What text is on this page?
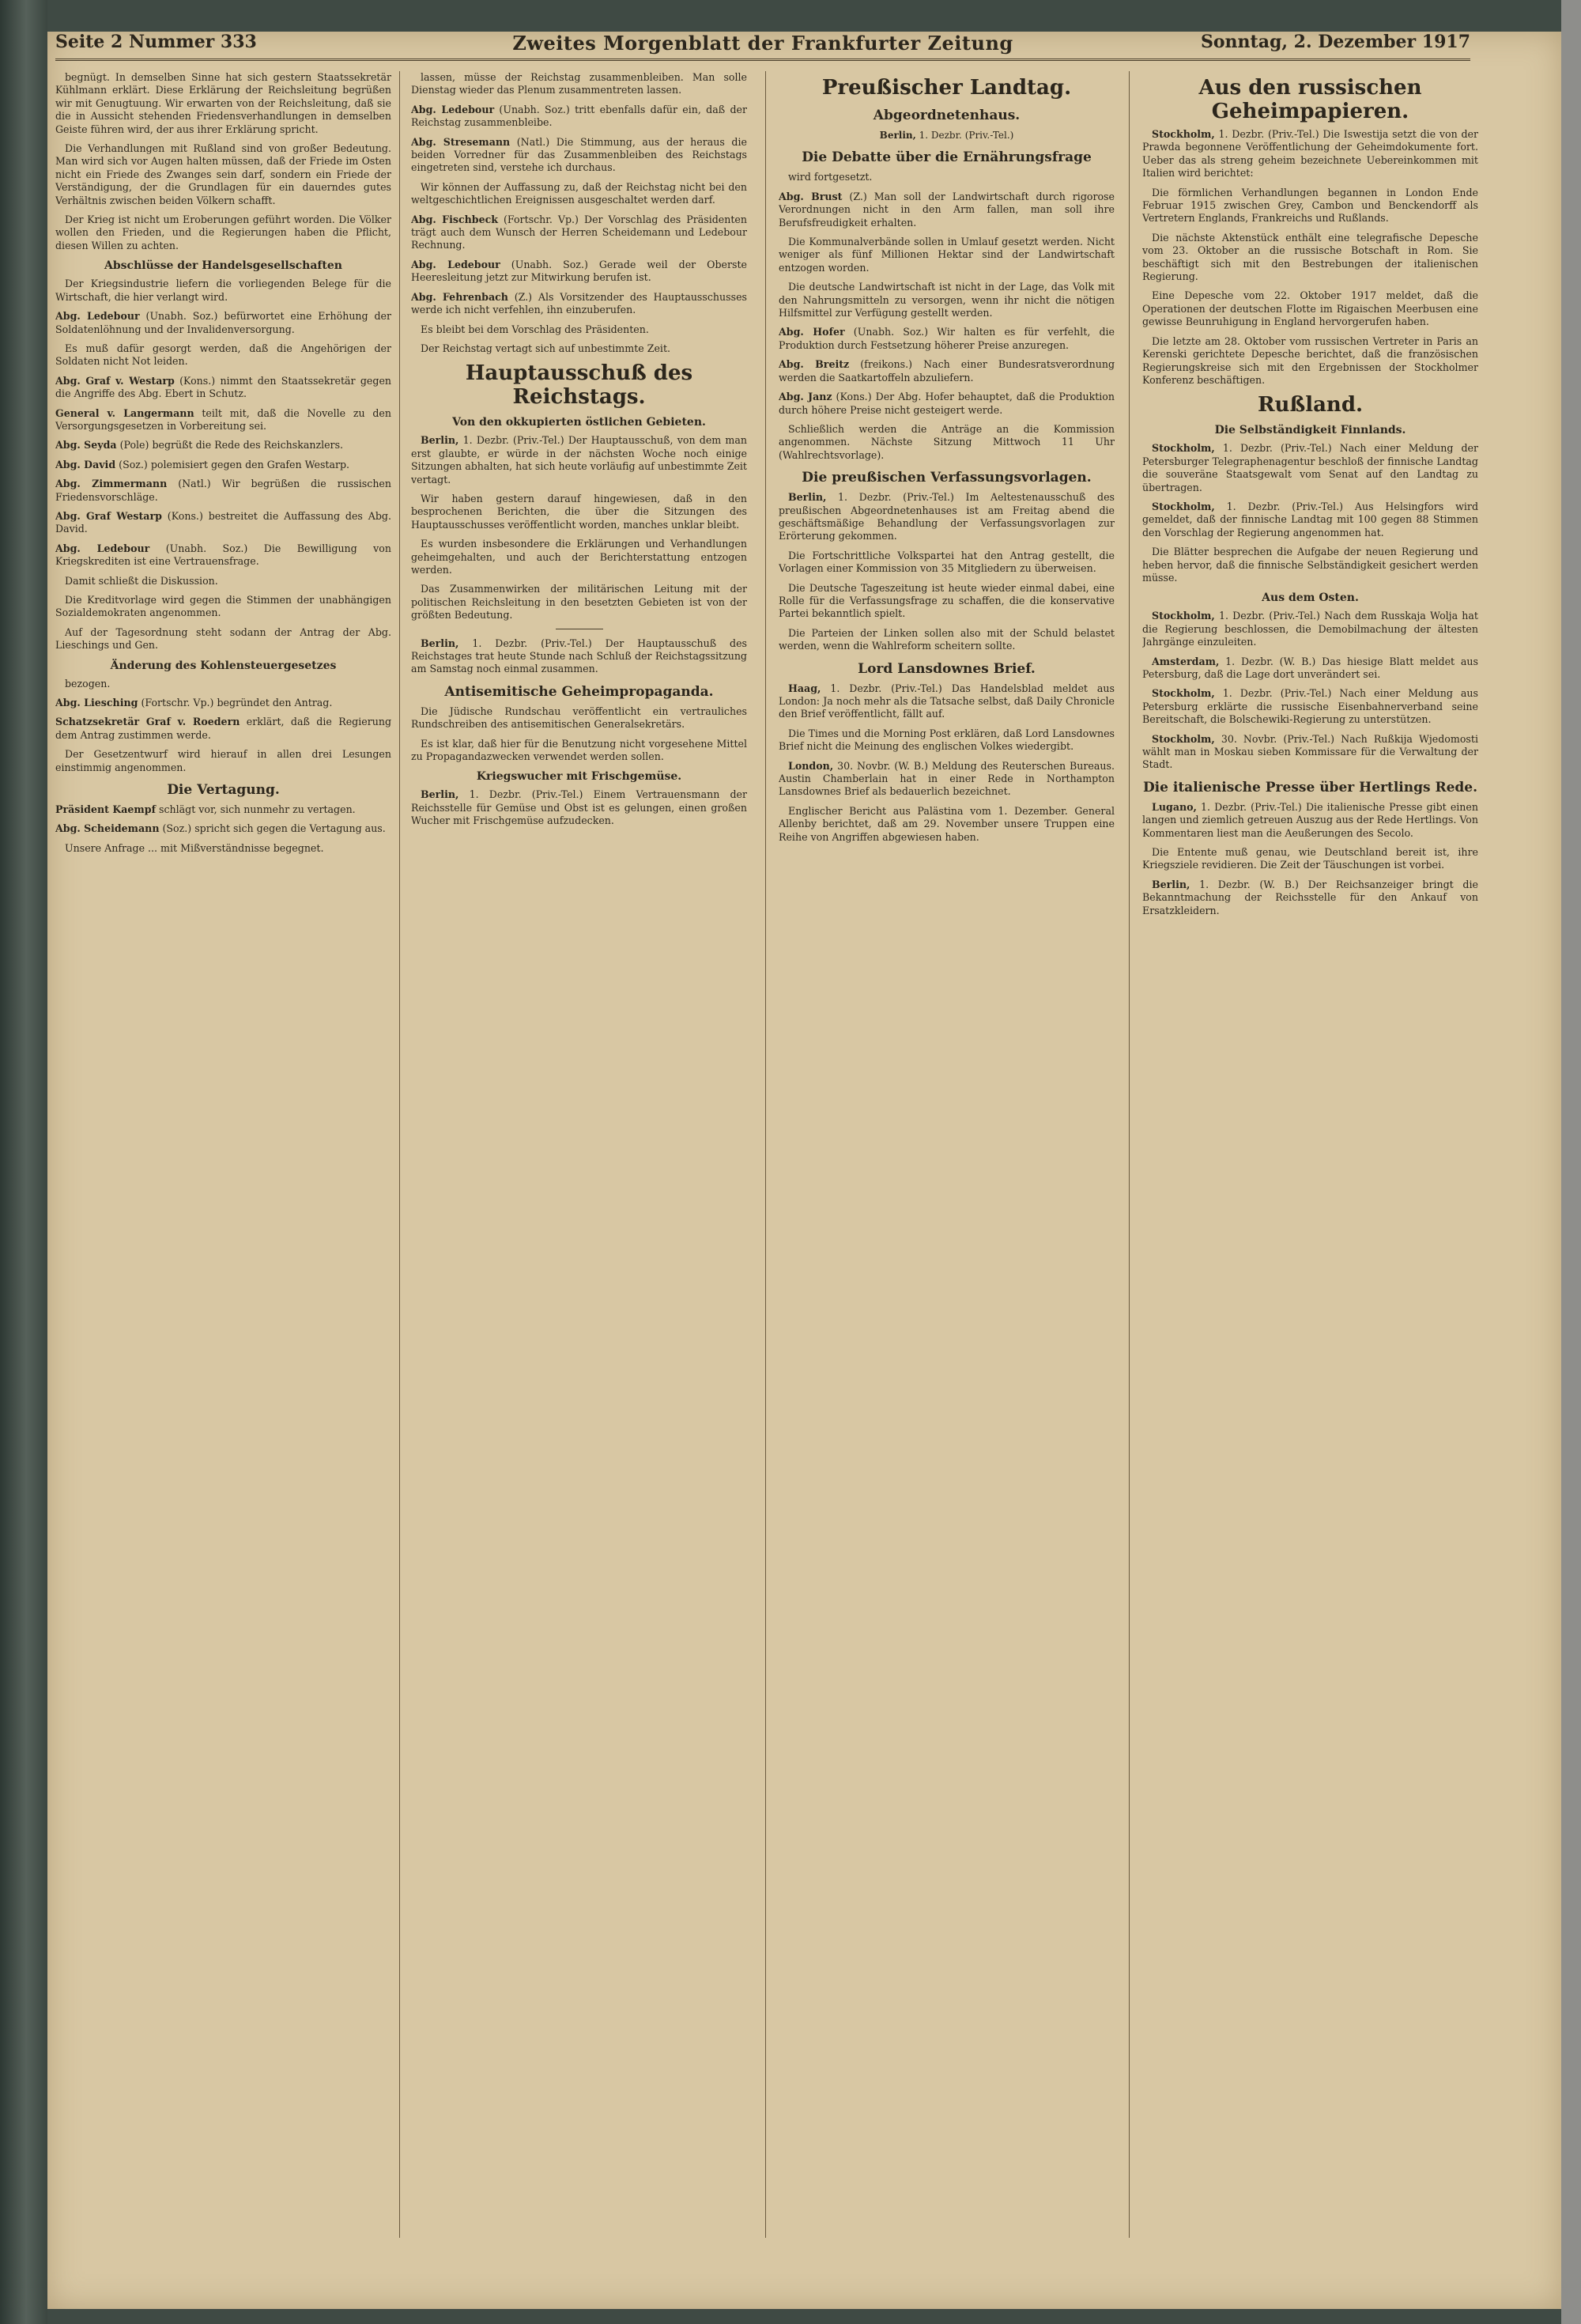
Seite 2 Nummer 333	Zweites Morgenblatt der Frankfurter Zeitung	Sonntag, 2. Dezember 1917

begnügt. In demselben Sinne hat sich gestern Staatssekretär Kühlmann erklärt. Diese Erklärung der Reichsleitung begrüßen wir mit Genugtuung. Wir erwarten von der Reichsleitung, daß sie die in Aussicht stehenden Friedensverhandlungen in demselben Geiste führen wird, der aus ihrer Erklärung spricht.

Die Verhandlungen mit Rußland sind von großer Bedeutung. Man wird sich vor Augen halten müssen, daß der Friede im Osten nicht ein Friede des Zwanges sein darf, sondern ein Friede der Verständigung, der die Grundlagen für ein dauerndes gutes Verhältnis zwischen beiden Völkern schafft.

Der Krieg ist nicht um Eroberungen geführt worden. Die Völker wollen den Frieden, und die Regierungen haben die Pflicht, diesen Willen zu achten.

Abschlüsse der Handelsgesellschaften

Der Kriegsindustrie liefern die vorliegenden Belege für die Wirtschaft, die hier verlangt wird.

Abg. Ledebour (Unabh. Soz.) befürwortet eine Erhöhung der Soldatenlöhnung und der Invalidenversorgung.

Es muß dafür gesorgt werden, daß die Angehörigen der Soldaten nicht Not leiden.

Abg. Graf v. Westarp (Kons.) nimmt den Staatssekretär gegen die Angriffe des Abg. Ebert in Schutz.
General v. Langermann teilt mit, daß die Novelle zu den Versorgungsgesetzen in Vorbereitung sei.
Abg. Seyda (Pole) begrüßt die Rede des Reichskanzlers.
Abg. David (Soz.) polemisiert gegen den Grafen Westarp.
Abg. Zimmermann (Natl.) Wir begrüßen die russischen Friedensvorschläge.
Abg. Graf Westarp (Kons.) bestreitet die Auffassung des Abg. David.
Abg. Ledebour (Unabh. Soz.) Die Bewilligung von Kriegskrediten ist eine Vertrauensfrage.

Damit schließt die Diskussion.

Die Kreditvorlage wird gegen die Stimmen der unabhängigen Sozialdemokraten angenommen.

Auf der Tagesordnung steht sodann der Antrag der Abg. Lieschings und Gen.

Änderung des Kohlensteuergesetzes

bezogen.

Abg. Liesching (Fortschr. Vp.) begründet den Antrag.
Schatzsekretär Graf v. Roedern erklärt, daß die Regierung dem Antrag zustimmen werde.

Der Gesetzentwurf wird hierauf in allen drei Lesungen einstimmig angenommen.

Die Vertagung.
Präsident Kaempf schlägt vor, sich nunmehr zu vertagen.
Abg. Scheidemann (Soz.) spricht sich gegen die Vertagung aus.

Unsere Anfrage ... mit Mißverständnisse begegnet.

lassen, müsse der Reichstag zusammenbleiben. Man solle Dienstag wieder das Plenum zusammentreten lassen.

Abg. Ledebour (Unabh. Soz.) tritt ebenfalls dafür ein, daß der Reichstag zusammenbleibe.
Abg. Stresemann (Natl.) Die Stimmung, aus der heraus die beiden Vorredner für das Zusammenbleiben des Reichstags eingetreten sind, verstehe ich durchaus.

Wir können der Auffassung zu, daß der Reichstag nicht bei den weltgeschichtlichen Ereignissen ausgeschaltet werden darf.

Abg. Fischbeck (Fortschr. Vp.) Der Vorschlag des Präsidenten trägt auch dem Wunsch der Herren Scheidemann und Ledebour Rechnung.
Abg. Ledebour (Unabh. Soz.) Gerade weil der Oberste Heeresleitung jetzt zur Mitwirkung berufen ist.
Abg. Fehrenbach (Z.) Als Vorsitzender des Hauptausschusses werde ich nicht verfehlen, ihn einzuberufen.

Es bleibt bei dem Vorschlag des Präsidenten.

Der Reichstag vertagt sich auf unbestimmte Zeit.

Hauptausschuß des Reichstags.
Von den okkupierten östlichen Gebieten.

Berlin, 1. Dezbr. (Priv.-Tel.) Der Hauptausschuß, von dem man erst glaubte, er würde in der nächsten Woche noch einige Sitzungen abhalten, hat sich heute vorläufig auf unbestimmte Zeit vertagt.

Wir haben gestern darauf hingewiesen, daß in den besprochenen Berichten, die über die Sitzungen des Hauptausschusses veröffentlicht worden, manches unklar bleibt.

Es wurden insbesondere die Erklärungen und Verhandlungen geheimgehalten, und auch der Berichterstattung entzogen werden.

Das Zusammenwirken der militärischen Leitung mit der politischen Reichsleitung in den besetzten Gebieten ist von der größten Bedeutung.

Berlin, 1. Dezbr. (Priv.-Tel.) Der Hauptausschuß des Reichstages trat heute Stunde nach Schluß der Reichstagssitzung am Samstag noch einmal zusammen.

Antisemitische Geheimpropaganda.

Die Jüdische Rundschau veröffentlicht ein vertrauliches Rundschreiben des antisemitischen Generalsekretärs.

Es ist klar, daß hier für die Benutzung nicht vorgesehene Mittel zu Propagandazwecken verwendet werden sollen.

Kriegswucher mit Frischgemüse.

Berlin, 1. Dezbr. (Priv.-Tel.) Einem Vertrauensmann der Reichsstelle für Gemüse und Obst ist es gelungen, einen großen Wucher mit Frischgemüse aufzudecken.

Preußischer Landtag.
Abgeordnetenhaus.

Berlin, 1. Dezbr. (Priv.-Tel.)

Die Debatte über die Ernährungsfrage

wird fortgesetzt.

Abg. Brust (Z.) Man soll der Landwirtschaft durch rigorose Verordnungen nicht in den Arm fallen, man soll ihre Berufsfreudigkeit erhalten.

Die Kommunalverbände sollen in Umlauf gesetzt werden. Nicht weniger als fünf Millionen Hektar sind der Landwirtschaft entzogen worden.

Die deutsche Landwirtschaft ist nicht in der Lage, das Volk mit den Nahrungsmitteln zu versorgen, wenn ihr nicht die nötigen Hilfsmittel zur Verfügung gestellt werden.

Abg. Hofer (Unabh. Soz.) Wir halten es für verfehlt, die Produktion durch Festsetzung höherer Preise anzuregen.
Abg. Breitz (freikons.) Nach einer Bundesratsverordnung werden die Saatkartoffeln abzuliefern.
Abg. Janz (Kons.) Der Abg. Hofer behauptet, daß die Produktion durch höhere Preise nicht gesteigert werde.

Schließlich werden die Anträge an die Kommission angenommen. Nächste Sitzung Mittwoch 11 Uhr (Wahlrechtsvorlage).

Die preußischen Verfassungsvorlagen.

Berlin, 1. Dezbr. (Priv.-Tel.) Im Aeltestenausschuß des preußischen Abgeordnetenhauses ist am Freitag abend die geschäftsmäßige Behandlung der Verfassungsvorlagen zur Erörterung gekommen.

Die Fortschrittliche Volkspartei hat den Antrag gestellt, die Vorlagen einer Kommission von 35 Mitgliedern zu überweisen.

Die Deutsche Tageszeitung ist heute wieder einmal dabei, eine Rolle für die Verfassungsfrage zu schaffen, die die konservative Partei bekanntlich spielt.

Die Parteien der Linken sollen also mit der Schuld belastet werden, wenn die Wahlreform scheitern sollte.

Lord Lansdownes Brief.

Haag, 1. Dezbr. (Priv.-Tel.) Das Handelsblad meldet aus London: Ja noch mehr als die Tatsache selbst, daß Daily Chronicle den Brief veröffentlicht, fällt auf.

Die Times und die Morning Post erklären, daß Lord Lansdownes Brief nicht die Meinung des englischen Volkes wiedergibt.

London, 30. Novbr. (W. B.) Meldung des Reuterschen Bureaus. Austin Chamberlain hat in einer Rede in Northampton Lansdownes Brief als bedauerlich bezeichnet.

Englischer Bericht aus Palästina vom 1. Dezember. General Allenby berichtet, daß am 29. November unsere Truppen eine Reihe von Angriffen abgewiesen haben.

Aus den russischen Geheimpapieren.

Stockholm, 1. Dezbr. (Priv.-Tel.) Die Iswestija setzt die von der Prawda begonnene Veröffentlichung der Geheimdokumente fort. Ueber das als streng geheim bezeichnete Uebereinkommen mit Italien wird berichtet:

Die förmlichen Verhandlungen begannen in London Ende Februar 1915 zwischen Grey, Cambon und Benckendorff als Vertretern Englands, Frankreichs und Rußlands.

Die nächste Aktenstück enthält eine telegrafische Depesche vom 23. Oktober an die russische Botschaft in Rom. Sie beschäftigt sich mit den Bestrebungen der italienischen Regierung.

Eine Depesche vom 22. Oktober 1917 meldet, daß die Operationen der deutschen Flotte im Rigaischen Meerbusen eine gewisse Beunruhigung in England hervorgerufen haben.

Die letzte am 28. Oktober vom russischen Vertreter in Paris an Kerenski gerichtete Depesche berichtet, daß die französischen Regierungskreise sich mit den Ergebnissen der Stockholmer Konferenz beschäftigen.

Rußland.
Die Selbständigkeit Finnlands.

Stockholm, 1. Dezbr. (Priv.-Tel.) Nach einer Meldung der Petersburger Telegraphenagentur beschloß der finnische Landtag die souveräne Staatsgewalt vom Senat auf den Landtag zu übertragen.

Stockholm, 1. Dezbr. (Priv.-Tel.) Aus Helsingfors wird gemeldet, daß der finnische Landtag mit 100 gegen 88 Stimmen den Vorschlag der Regierung angenommen hat.

Die Blätter besprechen die Aufgabe der neuen Regierung und heben hervor, daß die finnische Selbständigkeit gesichert werden müsse.

Aus dem Osten.

Stockholm, 1. Dezbr. (Priv.-Tel.) Nach dem Russkaja Wolja hat die Regierung beschlossen, die Demobilmachung der ältesten Jahrgänge einzuleiten.

Amsterdam, 1. Dezbr. (W. B.) Das hiesige Blatt meldet aus Petersburg, daß die Lage dort unverändert sei.

Stockholm, 1. Dezbr. (Priv.-Tel.) Nach einer Meldung aus Petersburg erklärte die russische Eisenbahnerverband seine Bereitschaft, die Bolschewiki-Regierung zu unterstützen.

Stockholm, 30. Novbr. (Priv.-Tel.) Nach Rußkija Wjedomosti wählt man in Moskau sieben Kommissare für die Verwaltung der Stadt.

Die italienische Presse über Hertlings Rede.

Lugano, 1. Dezbr. (Priv.-Tel.) Die italienische Presse gibt einen langen und ziemlich getreuen Auszug aus der Rede Hertlings. Von Kommentaren liest man die Aeußerungen des Secolo.

Die Entente muß genau, wie Deutschland bereit ist, ihre Kriegsziele revidieren. Die Zeit der Täuschungen ist vorbei.

Berlin, 1. Dezbr. (W. B.) Der Reichsanzeiger bringt die Bekanntmachung der Reichsstelle für den Ankauf von Ersatzkleidern.
